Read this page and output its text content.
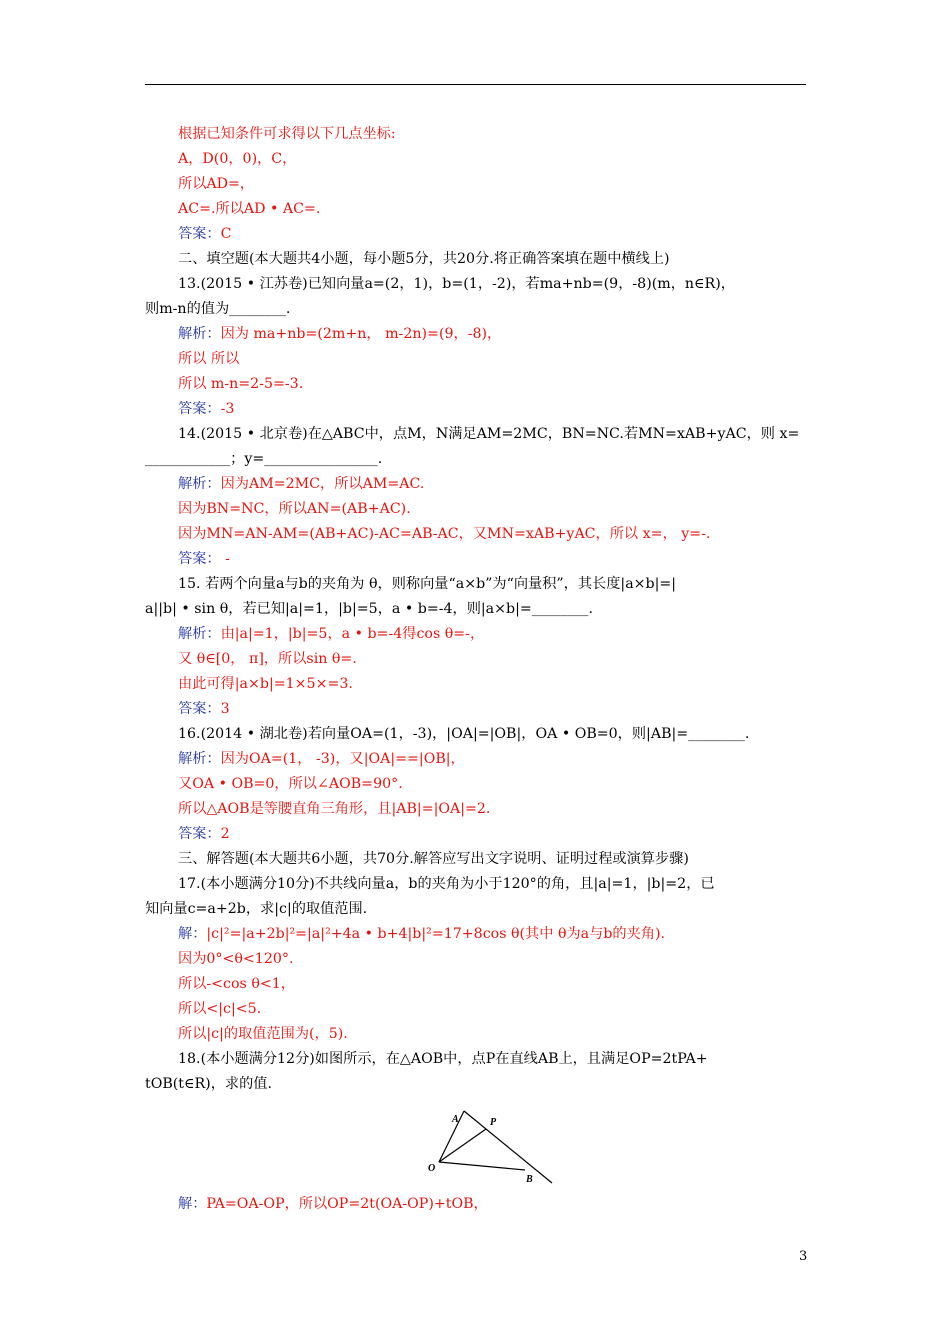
根据已知条件可求得以下几点坐标:
A，D(0，0)，C，
所以AD=，
AC=.所以AD • AC=.
答案：C
二、填空题(本大题共4小题，每小题5分，共20分.将正确答案填在题中横线上)
13.(2015 • 江苏卷)已知向量a=(2，1)，b=(1，-2)，若ma+nb=(9，-8)(m，n∈R)，
则m-n的值为________.
解析：因为 ma+nb=(2m+n， m-2n)=(9，-8)，
所以 所以
所以 m-n=2-5=-3.
答案：-3
14.(2015 • 北京卷)在△ABC中，点M，N满足AM=2MC，BN=NC.若MN=xAB+yAC，则 x=
____________；y=________________.
解析：因为AM=2MC，所以AM=AC.
因为BN=NC，所以AN=(AB+AC).
因为MN=AN-AM=(AB+AC)-AC=AB-AC，又MN=xAB+yAC，所以 x=， y=-.
答案： -
15. 若两个向量a与b的夹角为 θ，则称向量“a×b”为“向量积”，其长度|a×b|=|
a||b| • sin θ，若已知|a|=1，|b|=5，a • b=-4，则|a×b|=________.
解析：由|a|=1，|b|=5，a • b=-4得cos θ=-，
又 θ∈[0， π]，所以sin θ=.
由此可得|a×b|=1×5×=3.
答案：3
16.(2014 • 湖北卷)若向量OA=(1，-3)，|OA|=|OB|，OA • OB=0，则|AB|=________.
解析：因为OA=(1， -3)，又|OA|==|OB|，
又OA • OB=0，所以∠AOB=90°.
所以△AOB是等腰直角三角形，且|AB|=|OA|=2.
答案：2
三、解答题(本大题共6小题，共70分.解答应写出文字说明、证明过程或演算步骤)
17.(本小题满分10分)不共线向量a，b的夹角为小于120°的角，且|a|=1，|b|=2，已
知向量c=a+2b，求|c|的取值范围.
解：|c|²=|a+2b|²=|a|²+4a • b+4|b|²=17+8cos θ(其中 θ为a与b的夹角).
因为0°<θ<120°.
所以-<cos θ<1，
所以<|c|<5.
所以|c|的取值范围为(，5).
18.(本小题满分12分)如图所示，在△AOB中，点P在直线AB上，且满足OP=2tPA+
tOB(t∈R)，求的值.
A	P
O
B
解：PA=OA-OP，所以OP=2t(OA-OP)+tOB，
3
